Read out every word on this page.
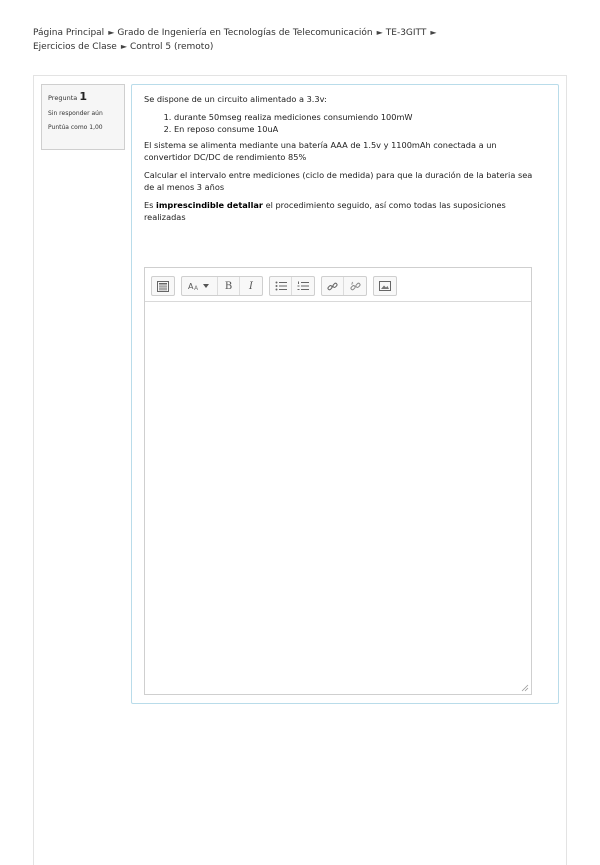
Página Principal ► Grado de Ingeniería en Tecnologías de Telecomunicación ► TE-3GITT ►
Ejercicios de Clase ► Control 5 (remoto)
Pregunta 1
Sin responder aún
Puntúa como 1,00

Se dispone de un circuito alimentado a 3.3v:

1. durante 50mseg realiza mediciones consumiendo 100mW
2. En reposo consume 10uA

El sistema se alimenta mediante una batería AAA de 1.5v y 1100mAh conectada a un convertidor DC/DC de rendimiento 85%

Calcular el intervalo entre mediciones (ciclo de medida) para que la duración de la bateria sea de al menos 3 años

Es imprescindible detallar el procedimiento seguido, así como todas las suposiciones realizadas

A A	B	I
